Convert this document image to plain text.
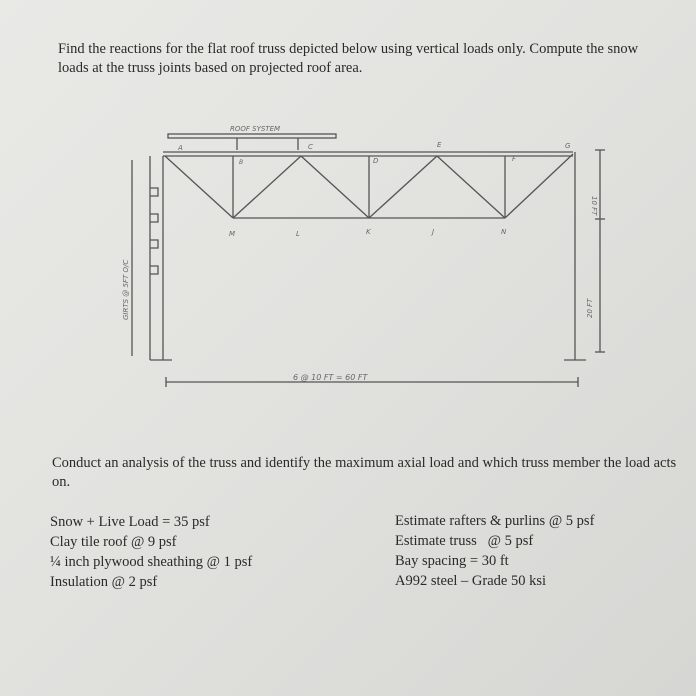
Find the reactions for the flat roof truss depicted below using vertical loads only. Compute the snow loads at the truss joints based on projected roof area.
ROOF SYSTEM
A
B
C
D
E
F
G
M	L	K	J	N
6 @ 10 FT = 60 FT
10 FT
20 FT
GIRTS @ 5FT O/C
Conduct an analysis of the truss and identify the maximum axial load and which truss member the load acts on.
Snow + Live Load = 35 psf
Clay tile roof @ 9 psf
¼ inch plywood sheathing @ 1 psf
Insulation @ 2 psf
Estimate rafters & purlins @ 5 psf
Estimate truss   @ 5 psf
Bay spacing = 30 ft
A992 steel – Grade 50 ksi
